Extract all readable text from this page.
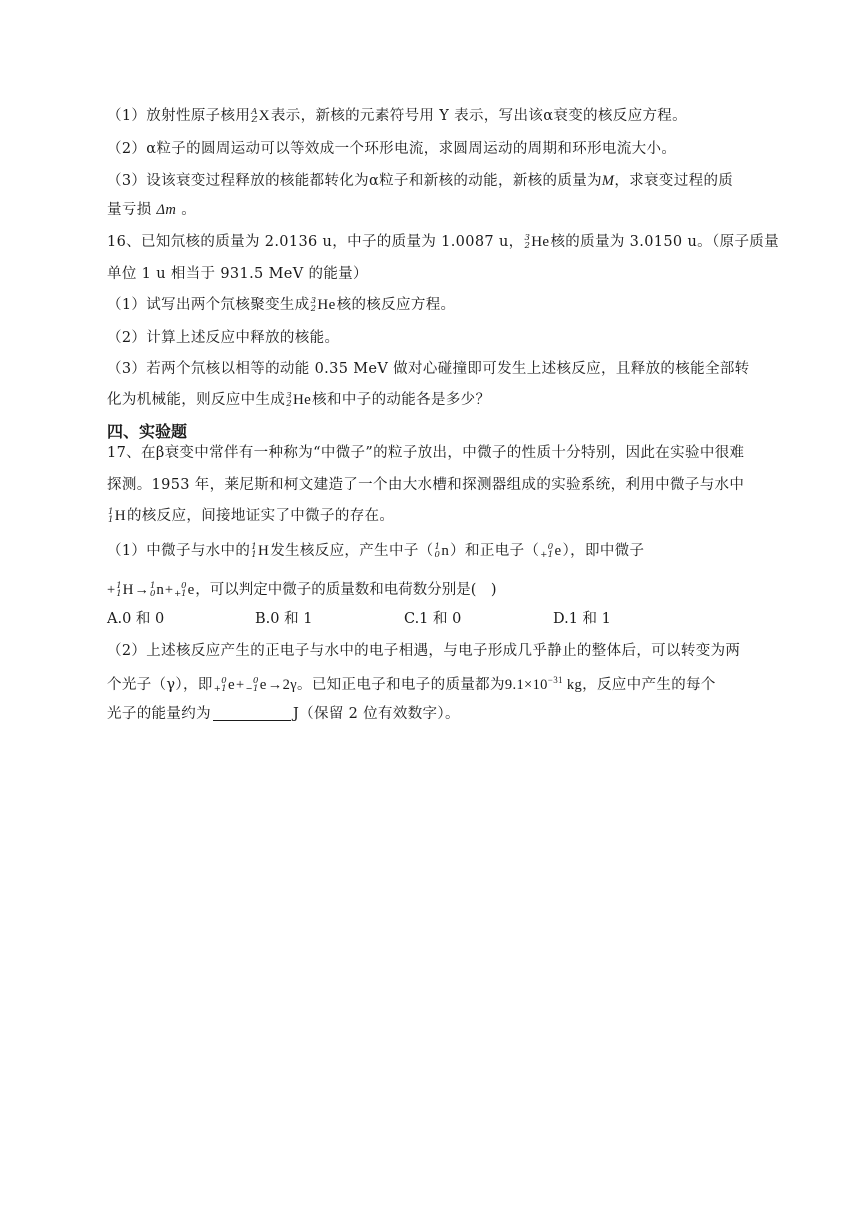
（1）放射性原子核用 A
Z X 表示，新核的元素符号用 Y 表示，写出该α衰变的核反应方程。
（2）α粒子的圆周运动可以等效成一个环形电流，求圆周运动的周期和环形电流大小。
（3）设该衰变过程释放的核能都转化为α粒子和新核的动能，新核的质量为M，求衰变过程的质
量亏损 Δm 。
16、已知氘核的质量为 2.0136 u，中子的质量为 1.0087 u， 3
2 He 核的质量为 3.0150 u。（原子质量
单位 1 u 相当于 931.5 MeV 的能量）
（1）试写出两个氘核聚变生成 3
2 He 核的核反应方程。
（2）计算上述反应中释放的核能。
（3）若两个氘核以相等的动能 0.35 MeV 做对心碰撞即可发生上述核反应，且释放的核能全部转
化为机械能，则反应中生成 3
2 He 核和中子的动能各是多少？
四、实验题
17、在β衰变中常伴有一种称为“中微子”的粒子放出，中微子的性质十分特别，因此在实验中很难
探测。1953 年，莱尼斯和柯文建造了一个由大水槽和探测器组成的实验系统，利用中微子与水中
1
1 H 的核反应，间接地证实了中微子的存在。
（1）中微子与水中的 1
1 H 发生核反应，产生中子（ 1
0 n ）和正电子（ 0
+1 e ），即中微子
+ 1
1 H → 1
0 n + 0
+1 e ，可以判定中微子的质量数和电荷数分别是(　)
A.0 和 0	B.0 和 1	C.1 和 0	D.1 和 1
（2）上述核反应产生的正电子与水中的电子相遇，与电子形成几乎静止的整体后，可以转变为两
个光子（γ），即 0
+1 e + 0
−1 e →2γ。已知正电子和电子的质量都为$9.1\times 10^{-31}$ kg，反应中产生的每个
光子的能量约为	J（保留 2 位有效数字）。
